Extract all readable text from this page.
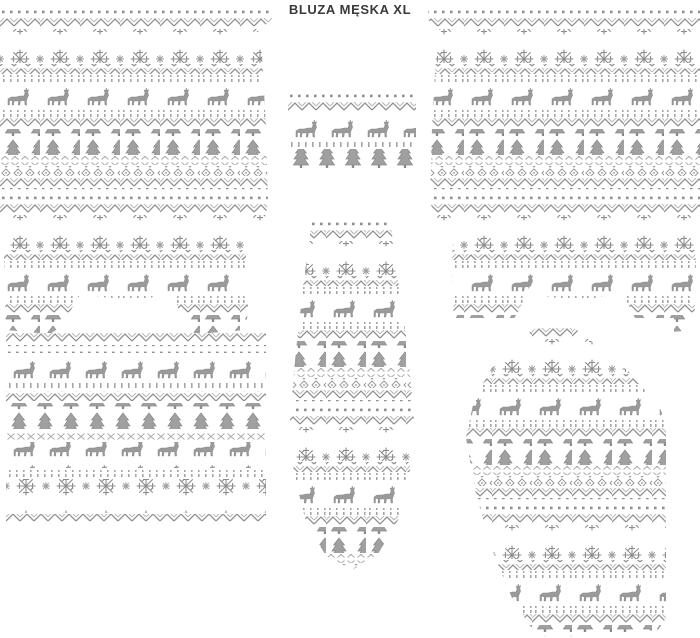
BLUZA MĘSKA XL
